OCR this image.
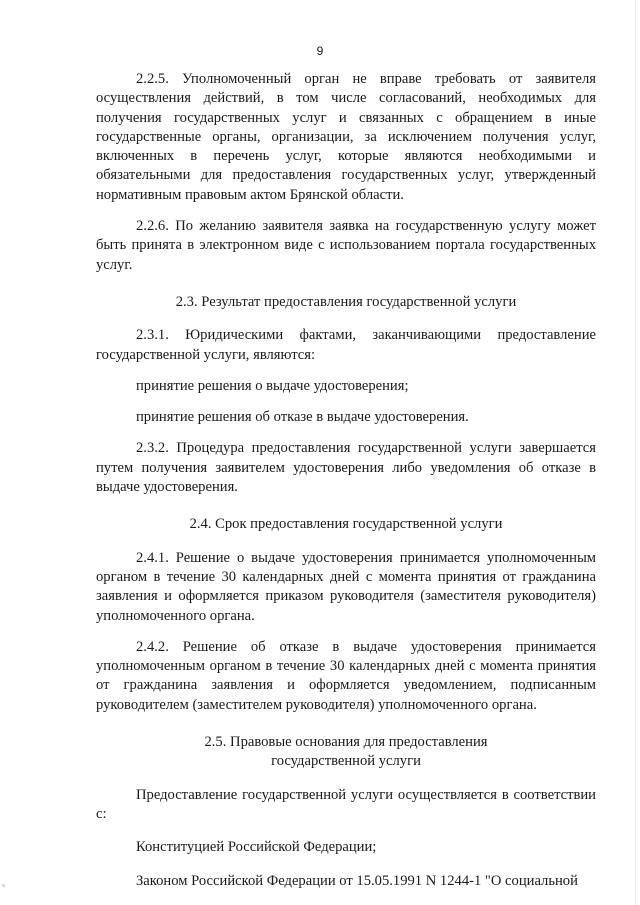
9

2.2.5. Уполномоченный орган не вправе требовать от заявителя осуществления действий, в том числе согласований, необходимых для получения государственных услуг и связанных с обращением в иные государственные органы, организации, за исключением получения услуг, включенных в перечень услуг, которые являются необходимыми и обязательными для предоставления государственных услуг, утвержденный нормативным правовым актом Брянской области.

2.2.6. По желанию заявителя заявка на государственную услугу может быть принята в электронном виде с использованием портала государственных услуг.

2.3. Результат предоставления государственной услуги

2.3.1. Юридическими фактами, заканчивающими предоставление государственной услуги, являются:

принятие решения о выдаче удостоверения;

принятие решения об отказе в выдаче удостоверения.

2.3.2. Процедура предоставления государственной услуги завершается путем получения заявителем удостоверения либо уведомления об отказе в выдаче удостоверения.

2.4. Срок предоставления государственной услуги

2.4.1. Решение о выдаче удостоверения принимается уполномоченным органом в течение 30 календарных дней с момента принятия от гражданина заявления и оформляется приказом руководителя (заместителя руководителя) уполномоченного органа.

2.4.2. Решение об отказе в выдаче удостоверения принимается уполномоченным органом в течение 30 календарных дней с момента принятия от гражданина заявления и оформляется уведомлением, подписанным руководителем (заместителем руководителя) уполномоченного органа.

2.5. Правовые основания для предоставления
государственной услуги

Предоставление государственной услуги осуществляется в соответствии с:

Конституцией Российской Федерации;

Законом Российской Федерации от 15.05.1991 N 1244-1 "О социальной
